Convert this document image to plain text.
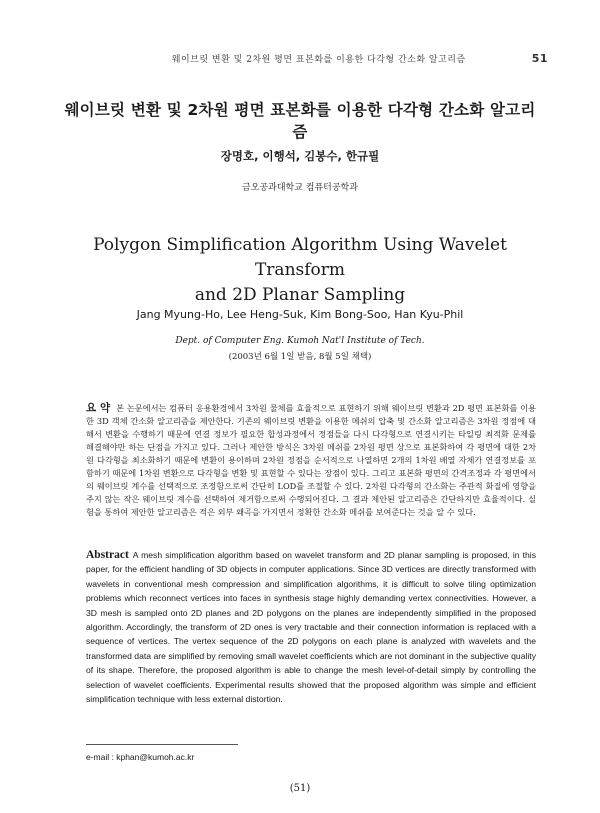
웨이브릿 변환 및 2차원 평면 표본화를 이용한 다각형 간소화 알고리즘	51
웨이브릿 변환 및 2차원 평면 표본화를 이용한 다각형 간소화 알고리즘
장명호, 이행석, 김봉수, 한규필
금오공과대학교 컴퓨터공학과
Polygon Simplification Algorithm Using Wavelet Transform
and 2D Planar Sampling
Jang Myung-Ho, Lee Heng-Suk, Kim Bong-Soo, Han Kyu-Phil
Dept. of Computer Eng. Kumoh Nat'l Institute of Tech.
(2003년 6월 1일 받음, 8월 5일 채택)
요 약 본 논문에서는 컴퓨터 응용환경에서 3차원 물체를 효율적으로 표현하기 위해 웨이브릿 변환과 2D 평면 표본화를 이용한 3D 객체 간소화 알고리즘을 제안한다. 기존의 웨이브릿 변환을 이용한 메쉬의 압축 및 간소화 알고리즘은 3차원 정점에 대해서 변환을 수행하기 때문에 연결 정보가 필요한 합성과정에서 정점들을 다시 다각형으로 연결시키는 타일링 최적화 문제를 해결해야만 하는 단점을 가지고 있다. 그러나 제안한 방식은 3차원 메쉬를 2차원 평면 상으로 표본화하여 각 평면에 대한 2차원 다각형을 최소화하기 때문에 변환이 용이하며 2차원 정점을 순서적으로 나열하면 2개의 1차원 배열 자체가 연결정보를 포함하기 때문에 1차원 변환으로 다각형을 변환 및 표현할 수 있다는 장점이 있다. 그리고 표본화 평면의 간격조정과 각 평면에서의 웨이브릿 계수를 선택적으로 조정함으로써 간단히 LOD를 조절할 수 있다. 2차원 다각형의 간소화는 주관적 화질에 영향을 주지 않는 작은 웨이브릿 계수를 선택하여 제거함으로써 수행되어진다. 그 결과 제안된 알고리즘은 간단하지만 효율적이다. 실험을 통하여 제안한 알고리즘은 적은 외부 왜곡을 가지면서 정확한 간소화 메쉬를 보여준다는 것을 알 수 있다.
Abstract A mesh simplification algorithm based on wavelet transform and 2D planar sampling is proposed, in this paper, for the efficient handling of 3D objects in computer applications. Since 3D vertices are directly transformed with wavelets in conventional mesh compression and simplification algorithms, it is difficult to solve tiling optimization problems which reconnect vertices into faces in synthesis stage highly demanding vertex connectivities. However, a 3D mesh is sampled onto 2D planes and 2D polygons on the planes are independently simplified in the proposed algorithm. Accordingly, the transform of 2D ones is very tractable and their connection information is replaced with a sequence of vertices. The vertex sequence of the 2D polygons on each plane is analyzed with wavelets and the transformed data are simplified by removing small wavelet coefficients which are not dominant in the subjective quality of its shape. Therefore, the proposed algorithm is able to change the mesh level-of-detail simply by controlling the selection of wavelet coefficients. Experimental results showed that the proposed algorithm was simple and efficient simplification technique with less external distortion.
e-mail : kphan@kumoh.ac.kr
(51)
